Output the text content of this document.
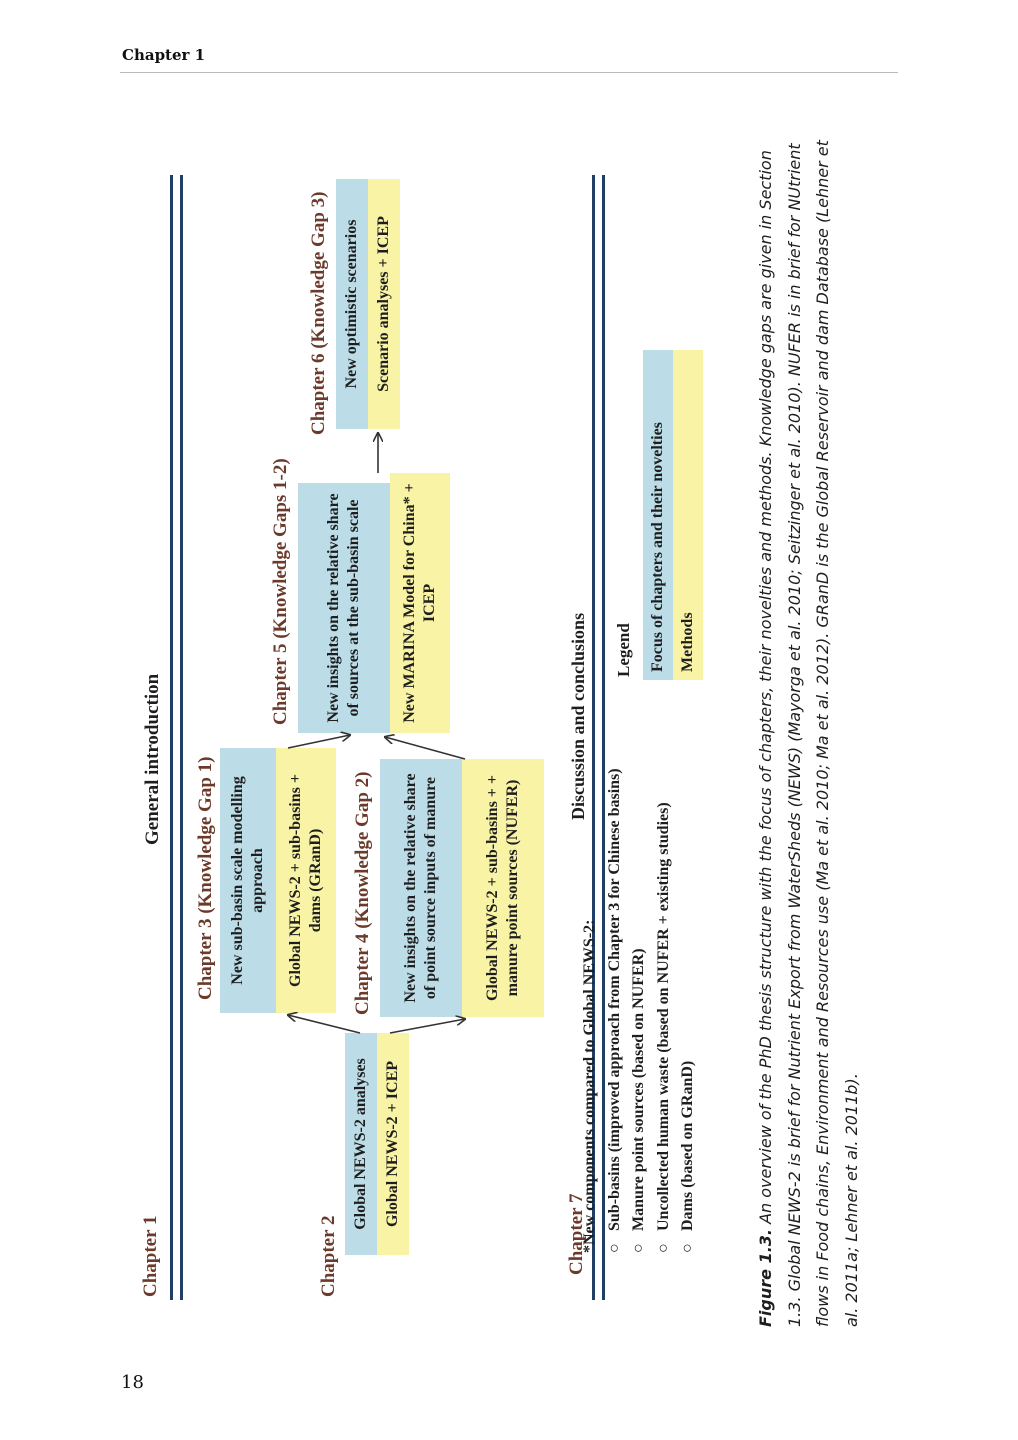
Chapter 1
Chapter 1
General introduction
Chapter 2
Global NEWS-2 analyses Global NEWS-2 + ICEP
Chapter 3 (Knowledge Gap 1) New sub-basin scale modelling approach	Global NEWS-2 + sub-basins + dams (GRanD)	Chapter 4 (Knowledge Gap 2)	New insights on the relative share of point source inputs of manure	Global NEWS-2 + sub-basins + + manure point sources (NUFER)
Chapter 5 (Knowledge Gaps 1-2)	New insights on the relative share of sources at the sub-basin scale	New MARINA Model for China* + ICEP
Chapter 6 (Knowledge Gap 3) New optimistic scenarios Scenario analyses + ICEP
Chapter 7
Discussion and conclusions
*New components compared to Global NEWS-2: ○ Sub-basins (improved approach from Chapter 3 for Chinese basins) ○ Manure point sources (based on NUFER) ○ Uncollected human waste (based on NUFER + existing studies) ○ Dams (based on GRanD)
Legend	Focus of chapters and their novelties Methods
Figure 1.3. An overview of the PhD thesis structure with the focus of chapters, their novelties and methods. Knowledge gaps are given in Section 1.3. Global NEWS-2 is brief for Nutrient Export from WaterSheds (NEWS) (Mayorga et al. 2010; Seitzinger et al. 2010). NUFER is in brief for NUtrient flows in Food chains, Environment and Resources use (Ma et al. 2010; Ma et al. 2012). GRanD is the Global Reservoir and dam Database (Lehner et al. 2011a; Lehner et al. 2011b).
18
